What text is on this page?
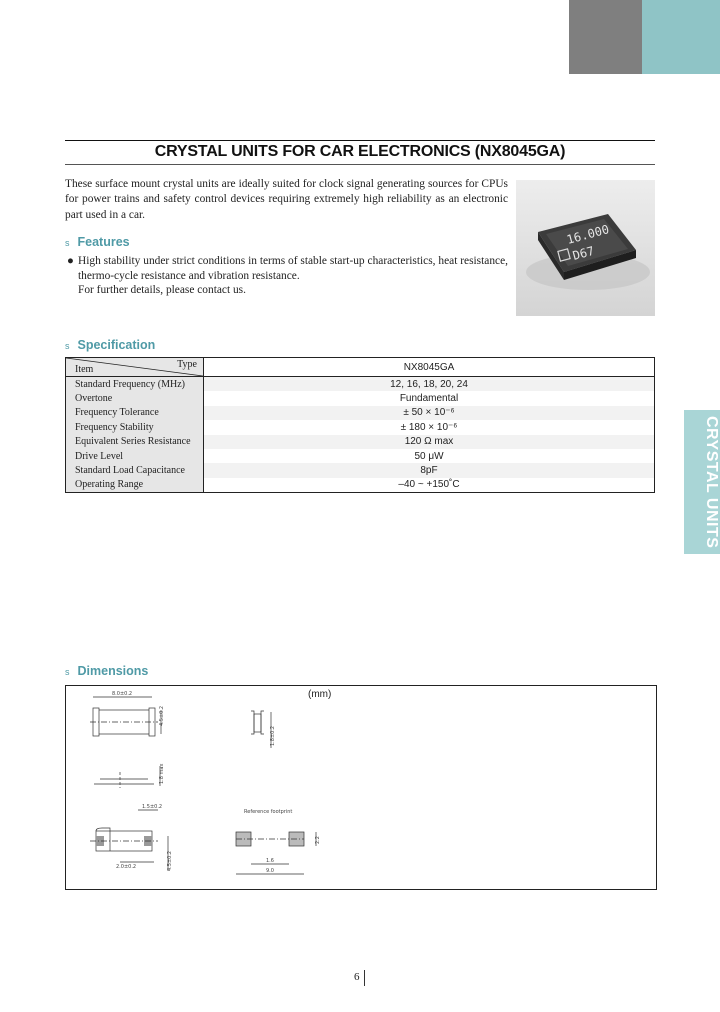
CRYSTAL UNITS FOR CAR ELECTRONICS (NX8045GA)
These surface mount crystal units are ideally suited for clock signal generating sources for CPUs for power trains and safety control devices requiring extremely high reliability as an electronic part used in a car.
16.000
D67
s Features
● High stability under strict conditions in terms of stable start-up characteristics, heat resistance, thermo-cycle resistance and vibration resistance.
For further details, please contact us.
s Specification
Type
Item	NX8045GA
Standard Frequency (MHz)	12, 16, 18, 20, 24
Overtone	Fundamental
Frequency Tolerance	± 50 × 10⁻⁶
Frequency Stability	± 180 × 10⁻⁶
Equivalent Series Resistance	120 Ω max
Drive Level	50 μW
Standard Load Capacitance	8pF
Operating Range	–40 ~ +150˚C
s Dimensions
8.0±0.2
4.5±0.2
1.8±0.2
1.8 max
1.5±0.2
2.0±0.2	4.5±0.2
Reference footprint
1.6
9.0
2.2
(mm)
CRYSTAL UNITS
6
